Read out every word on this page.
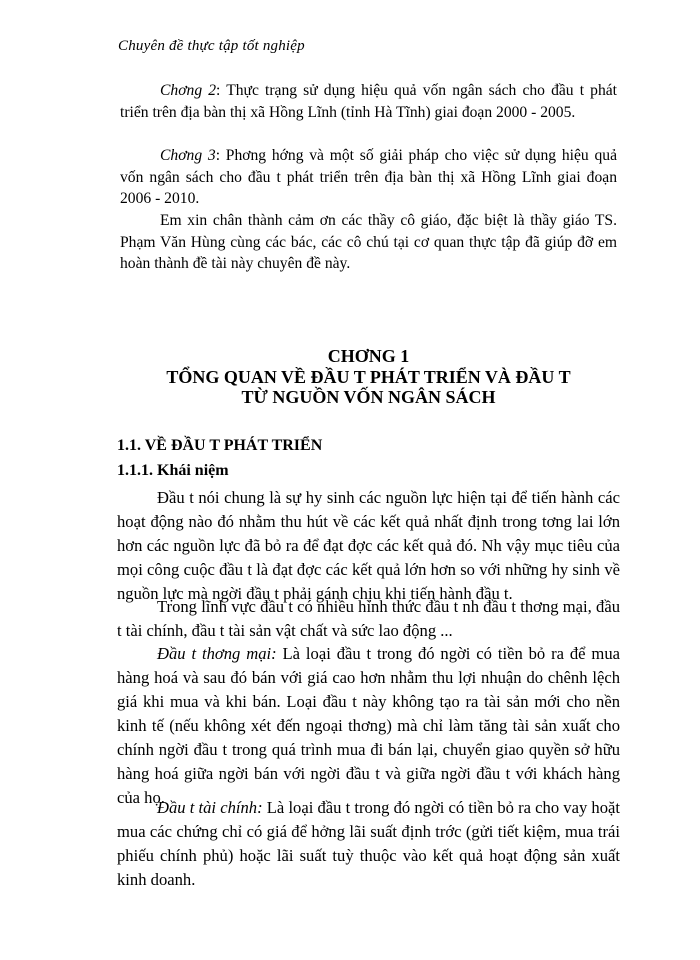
Chuyên đề thực tập tốt nghiệp
Chơng 2: Thực trạng sử dụng hiệu quả vốn ngân sách cho đầu t phát triển trên địa bàn thị xã Hồng Lĩnh (tỉnh Hà Tĩnh) giai đoạn 2000 - 2005.
Chơng 3: Phơng hớng và một số giải pháp cho việc sử dụng hiệu quả vốn ngân sách cho đầu t phát triển trên địa bàn thị xã Hồng Lĩnh giai đoạn 2006 - 2010.
Em xin chân thành cảm ơn các thầy cô giáo, đặc biệt là thầy giáo TS. Phạm Văn Hùng cùng các bác, các cô chú tại cơ quan thực tập đã giúp đỡ em hoàn thành đề tài này chuyên đề này.
CHƠNG 1
TỔNG QUAN VỀ ĐẦU T PHÁT TRIỂN VÀ ĐẦU T
TỪ NGUỒN VỐN NGÂN SÁCH
1.1. VỀ ĐẦU T PHÁT TRIỂN
1.1.1. Khái niệm
Đầu t nói chung là sự hy sinh các nguồn lực hiện tại để tiến hành các hoạt động nào đó nhằm thu hút về các kết quả nhất định trong tơng lai lớn hơn các nguồn lực đã bỏ ra để đạt đợc các kết quả đó. Nh vậy mục tiêu của mọi công cuộc đầu t là đạt đợc các kết quả lớn hơn so với những hy sinh về nguồn lực mà ngời đầu t phải gánh chịu khi tiến hành đầu t.
Trong lĩnh vực đầu t có nhiều hình thức đầu t nh đầu t thơng mại, đầu t tài chính, đầu t tài sản vật chất và sức lao động ...
Đầu t thơng mại: Là loại đầu t trong đó ngời có tiền bỏ ra để mua hàng hoá và sau đó bán với giá cao hơn nhằm thu lợi nhuận do chênh lệch giá khi mua và khi bán. Loại đầu t này không tạo ra tài sản mới cho nền kinh tế (nếu không xét đến ngoại thơng) mà chỉ làm tăng tài sản xuất cho chính ngời đầu t trong quá trình mua đi bán lại, chuyển giao quyền sở hữu hàng hoá giữa ngời bán với ngời đầu t và giữa ngời đầu t với khách hàng của họ.
Đầu t tài chính: Là loại đầu t trong đó ngời có tiền bỏ ra cho vay hoặt mua các chứng chỉ có giá để hởng lãi suất định trớc (gửi tiết kiệm, mua trái phiếu chính phủ) hoặc lãi suất tuỳ thuộc vào kết quả hoạt động sản xuất kinh doanh.
